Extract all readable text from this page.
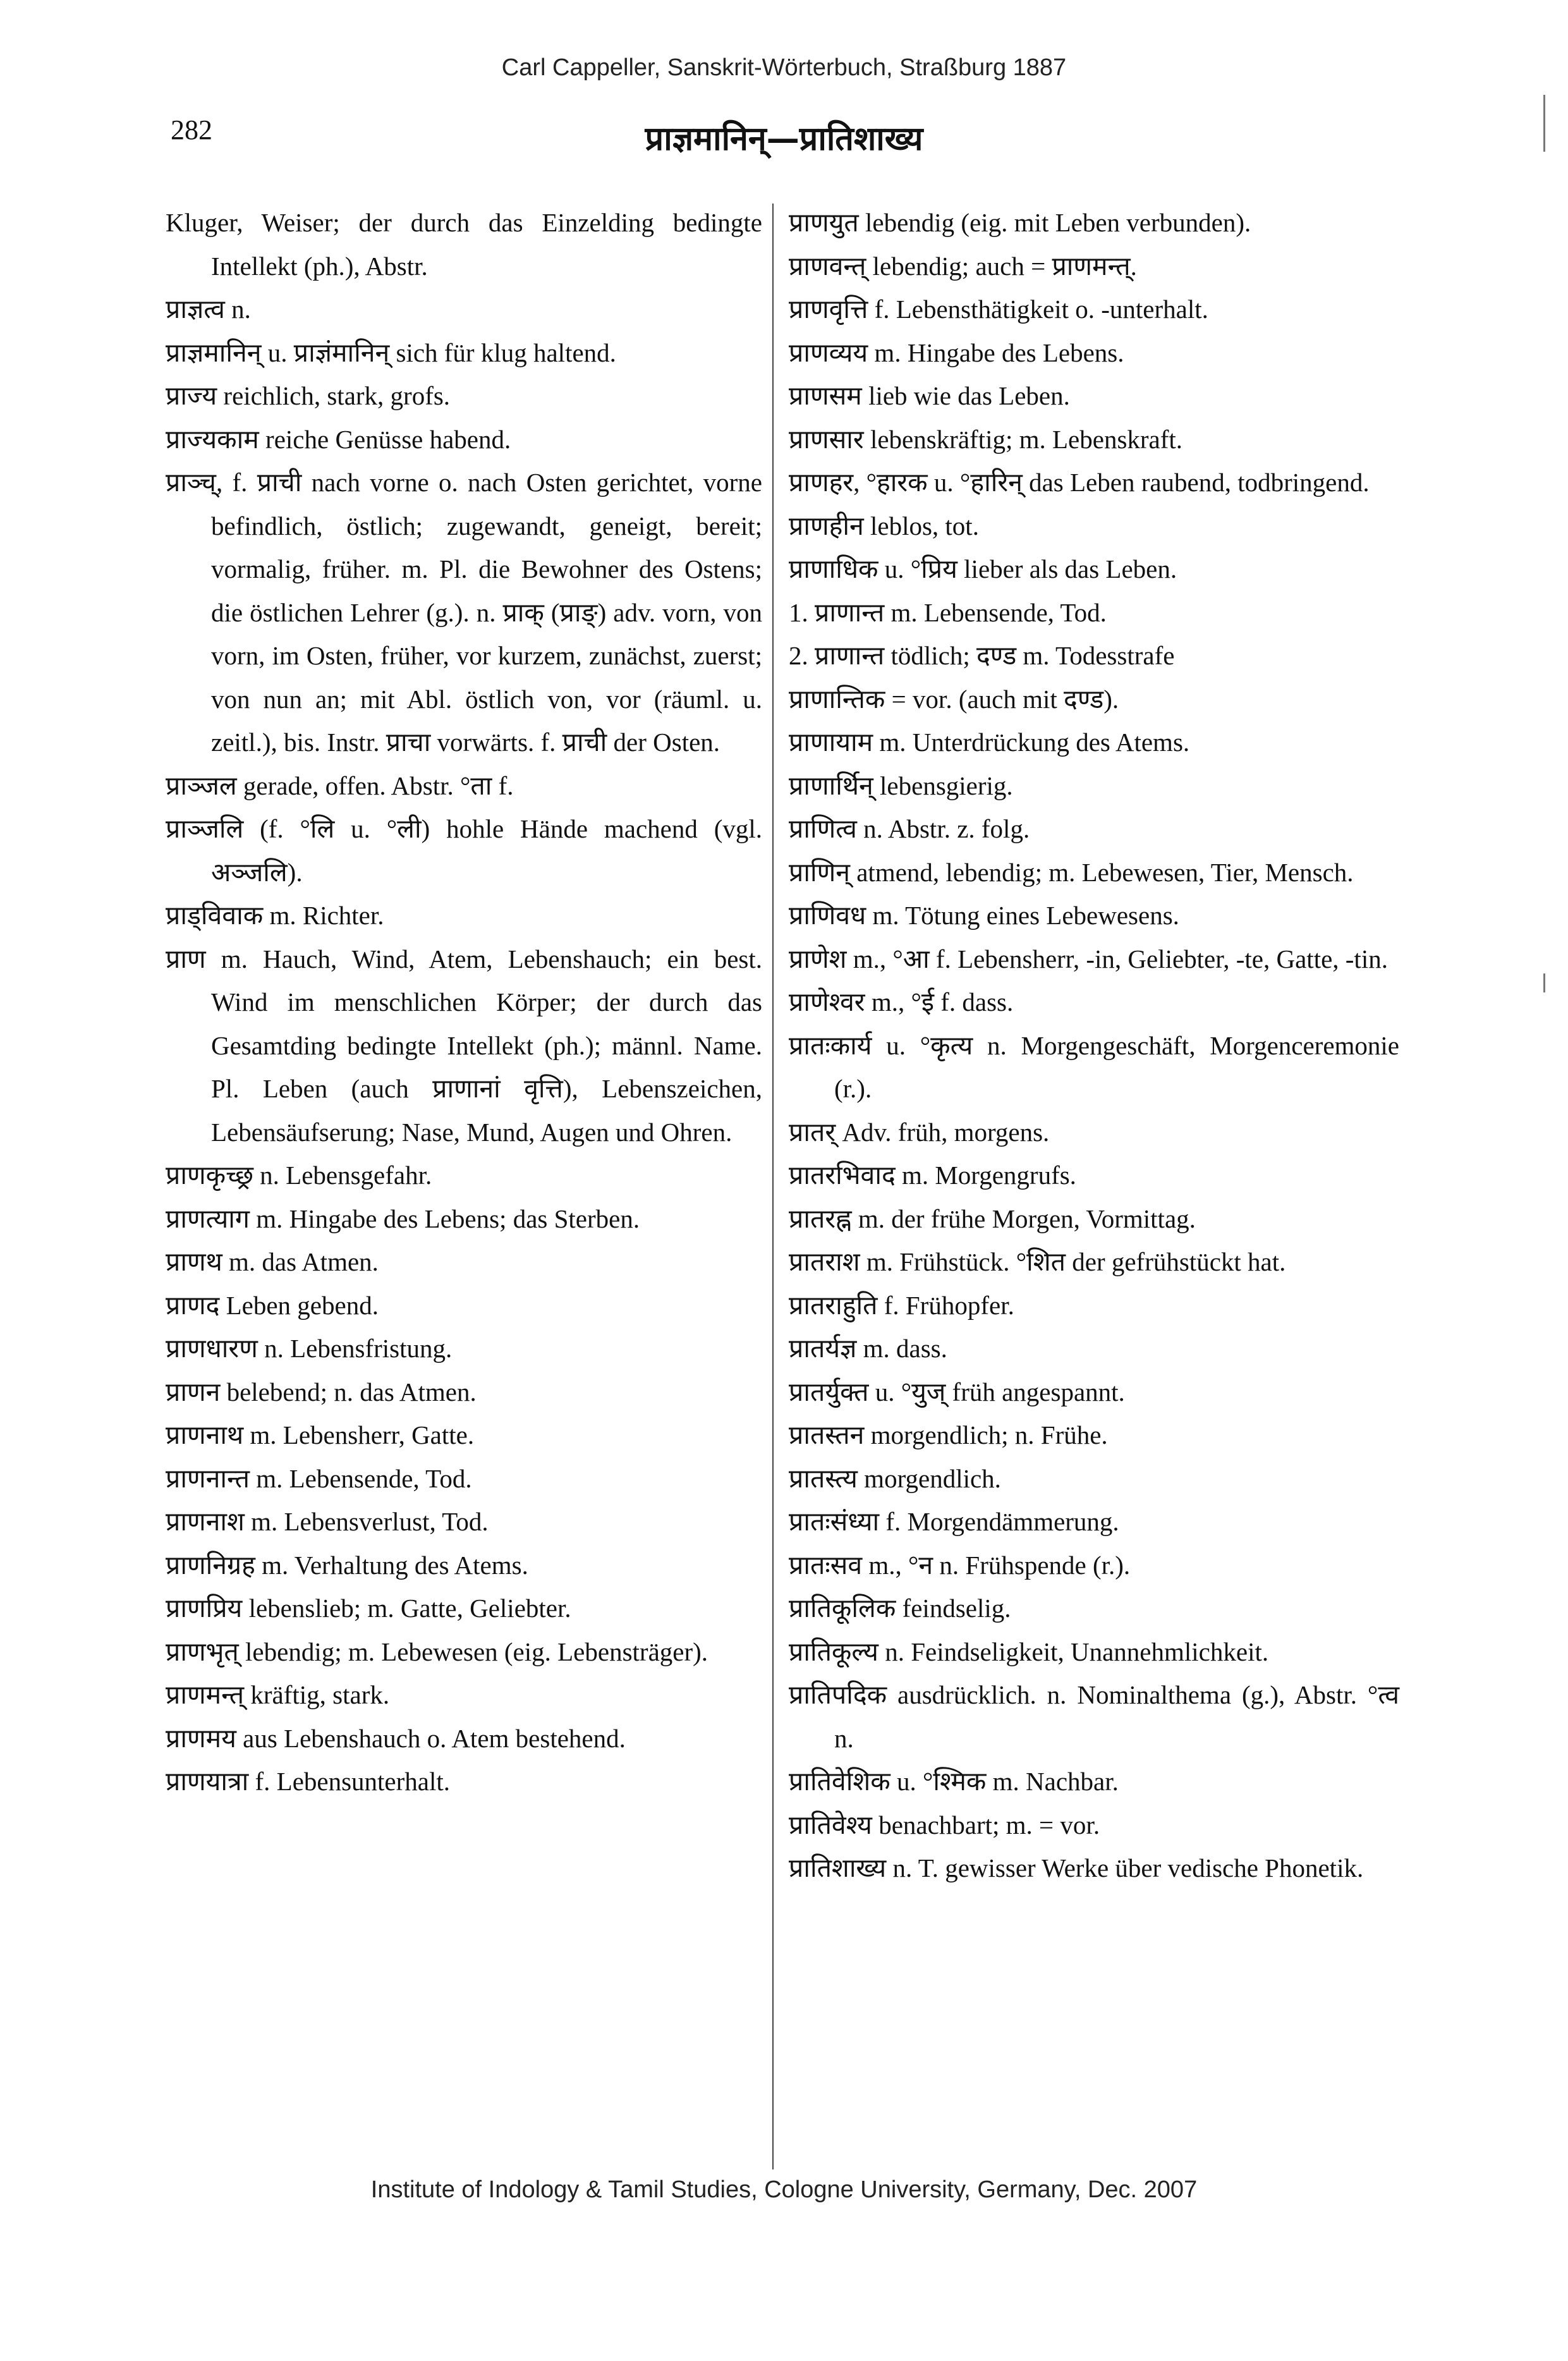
Carl Cappeller, Sanskrit-Wörterbuch, Straßburg 1887
282	प्राज्ञमानिन्—प्रातिशाख्य

Kluger, Weiser; der durch das Einzelding bedingte Intellekt (ph.), Abstr.

प्राज्ञत्व n.

प्राज्ञमानिन् u. प्राज्ञंमानिन् sich für klug haltend.

प्राज्य reichlich, stark, grofs.

प्राज्यकाम reiche Genüsse habend.

प्राञ्च्, f. प्राची nach vorne o. nach Osten gerichtet, vorne befindlich, östlich; zugewandt, geneigt, bereit; vormalig, früher. m. Pl. die Bewohner des Ostens; die östlichen Lehrer (g.). n. प्राक् (प्राङ्) adv. vorn, von vorn, im Osten, früher, vor kurzem, zunächst, zuerst; von nun an; mit Abl. östlich von, vor (räuml. u. zeitl.), bis. Instr. प्राचा vorwärts. f. प्राची der Osten.

प्राञ्जल gerade, offen. Abstr. °ता f.

प्राञ्जलि (f. °लि u. °ली) hohle Hände machend (vgl. अञ्जलि).

प्राड्विवाक m. Richter.

प्राण m. Hauch, Wind, Atem, Lebenshauch; ein best. Wind im menschlichen Körper; der durch das Gesamtding bedingte Intellekt (ph.); männl. Name. Pl. Leben (auch प्राणानां वृत्ति), Lebenszeichen, Lebensäufserung; Nase, Mund, Augen und Ohren.

प्राणकृच्छ्र n. Lebensgefahr.

प्राणत्याग m. Hingabe des Lebens; das Sterben.

प्राणथ m. das Atmen.

प्राणद Leben gebend.

प्राणधारण n. Lebensfristung.

प्राणन belebend; n. das Atmen.

प्राणनाथ m. Lebensherr, Gatte.

प्राणनान्त m. Lebensende, Tod.

प्राणनाश m. Lebensverlust, Tod.

प्राणनिग्रह m. Verhaltung des Atems.

प्राणप्रिय lebenslieb; m. Gatte, Geliebter.

प्राणभृत् lebendig; m. Lebewesen (eig. Lebensträger).

प्राणमन्त् kräftig, stark.

प्राणमय aus Lebenshauch o. Atem bestehend.

प्राणयात्रा f. Lebensunterhalt.

प्राणयुत lebendig (eig. mit Leben verbunden).

प्राणवन्त् lebendig; auch = प्राणमन्त्.

प्राणवृत्ति f. Lebensthätigkeit o. -unterhalt.

प्राणव्यय m. Hingabe des Lebens.

प्राणसम lieb wie das Leben.

प्राणसार lebenskräftig; m. Lebenskraft.

प्राणहर, °हारक u. °हारिन् das Leben raubend, todbringend.

प्राणहीन leblos, tot.

प्राणाधिक u. °प्रिय lieber als das Leben.

1. प्राणान्त m. Lebensende, Tod.

2. प्राणान्त tödlich; दण्ड m. Todesstrafe

प्राणान्तिक = vor. (auch mit दण्ड).

प्राणायाम m. Unterdrückung des Atems.

प्राणार्थिन् lebensgierig.

प्राणित्व n. Abstr. z. folg.

प्राणिन् atmend, lebendig; m. Lebewesen, Tier, Mensch.

प्राणिवध m. Tötung eines Lebewesens.

प्राणेश m., °आ f. Lebensherr, -in, Geliebter, -te, Gatte, -tin.

प्राणेश्वर m., °ई f. dass.

प्रातःकार्य u. °कृत्य n. Morgengeschäft, Morgenceremonie (r.).

प्रातर् Adv. früh, morgens.

प्रातरभिवाद m. Morgengrufs.

प्रातरह्न m. der frühe Morgen, Vormittag.

प्रातराश m. Frühstück. °शित der gefrühstückt hat.

प्रातराहुति f. Frühopfer.

प्रातर्यज्ञ m. dass.

प्रातर्युक्त u. °युज् früh angespannt.

प्रातस्तन morgendlich; n. Frühe.

प्रातस्त्य morgendlich.

प्रातःसंध्या f. Morgendämmerung.

प्रातःसव m., °न n. Frühspende (r.).

प्रातिकूलिक feindselig.

प्रातिकूल्य n. Feindseligkeit, Unannehmlichkeit.

प्रातिपदिक ausdrücklich. n. Nominalthema (g.), Abstr. °त्व n.

प्रातिवेशिक u. °श्मिक m. Nachbar.

प्रातिवेश्य benachbart; m. = vor.

प्रातिशाख्य n. T. gewisser Werke über vedische Phonetik.

Institute of Indology & Tamil Studies, Cologne University, Germany, Dec. 2007
